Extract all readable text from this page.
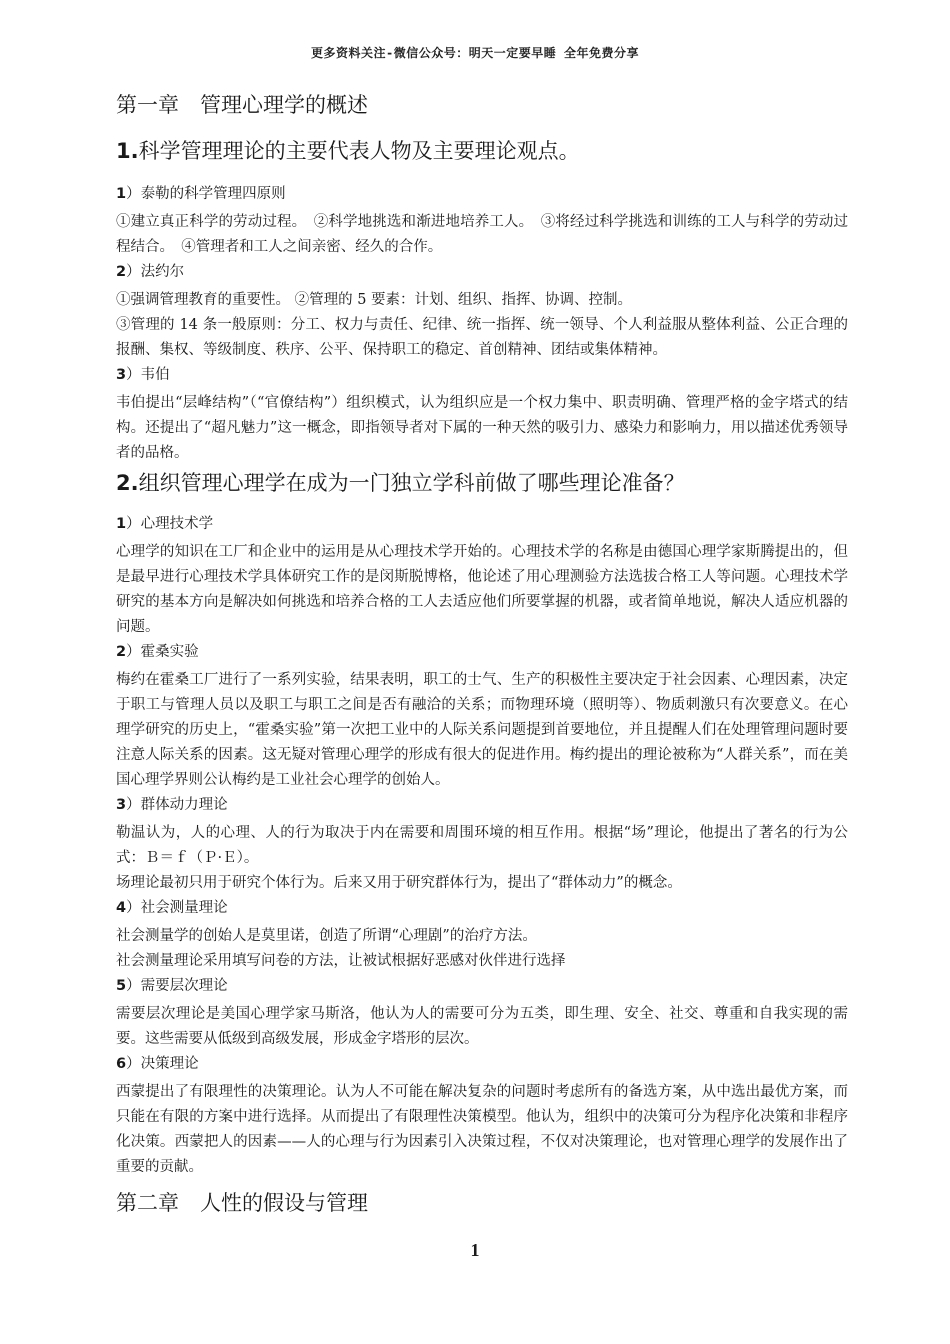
更多资料关注-微信公众号：明天一定要早睡 全年免费分享
第一章　管理心理学的概述
1.科学管理理论的主要代表人物及主要理论观点。

1）泰勒的科学管理四原则

①建立真正科学的劳动过程。　②科学地挑选和渐进地培养工人。　③将经过科学挑选和训练的工人与科学的劳动过程结合。　④管理者和工人之间亲密、经久的合作。

2）法约尔

①强调管理教育的重要性。 ②管理的 5 要素：计划、组织、指挥、协调、控制。

③管理的 14 条一般原则：分工、权力与责任、纪律、统一指挥、统一领导、个人利益服从整体利益、公正合理的报酬、集权、等级制度、秩序、公平、保持职工的稳定、首创精神、团结或集体精神。

3）韦伯

韦伯提出“层峰结构”（“官僚结构”）组织模式，认为组织应是一个权力集中、职责明确、管理严格的金字塔式的结构。还提出了“超凡魅力”这一概念，即指领导者对下属的一种天然的吸引力、感染力和影响力，用以描述优秀领导者的品格。

2.组织管理心理学在成为一门独立学科前做了哪些理论准备？

1）心理技术学

心理学的知识在工厂和企业中的运用是从心理技术学开始的。心理技术学的名称是由德国心理学家斯腾提出的，但是最早进行心理技术学具体研究工作的是闵斯脱博格，他论述了用心理测验方法选拔合格工人等问题。心理技术学研究的基本方向是解决如何挑选和培养合格的工人去适应他们所要掌握的机器，或者简单地说，解决人适应机器的问题。

2）霍桑实验

梅约在霍桑工厂进行了一系列实验，结果表明，职工的士气、生产的积极性主要决定于社会因素、心理因素，决定于职工与管理人员以及职工与职工之间是否有融洽的关系；而物理环境（照明等）、物质刺激只有次要意义。在心理学研究的历史上，“霍桑实验”第一次把工业中的人际关系问题提到首要地位，并且提醒人们在处理管理问题时要注意人际关系的因素。这无疑对管理心理学的形成有很大的促进作用。梅约提出的理论被称为“人群关系”，而在美国心理学界则公认梅约是工业社会心理学的创始人。

3）群体动力理论

勒温认为，人的心理、人的行为取决于内在需要和周围环境的相互作用。根据“场”理论，他提出了著名的行为公式：Ｂ＝ｆ（Ｐ·Ｅ）。

场理论最初只用于研究个体行为。后来又用于研究群体行为，提出了“群体动力”的概念。

4）社会测量理论

社会测量学的创始人是莫里诺，创造了所谓“心理剧”的治疗方法。

社会测量理论采用填写问卷的方法，让被试根据好恶感对伙伴进行选择

5）需要层次理论

需要层次理论是美国心理学家马斯洛，他认为人的需要可分为五类，即生理、安全、社交、尊重和自我实现的需要。这些需要从低级到高级发展，形成金字塔形的层次。

6）决策理论

西蒙提出了有限理性的决策理论。认为人不可能在解决复杂的问题时考虑所有的备选方案，从中选出最优方案，而只能在有限的方案中进行选择。从而提出了有限理性决策模型。他认为，组织中的决策可分为程序化决策和非程序化决策。西蒙把人的因素——人的心理与行为因素引入决策过程，不仅对决策理论，也对管理心理学的发展作出了重要的贡献。

第二章　人性的假设与管理
1
